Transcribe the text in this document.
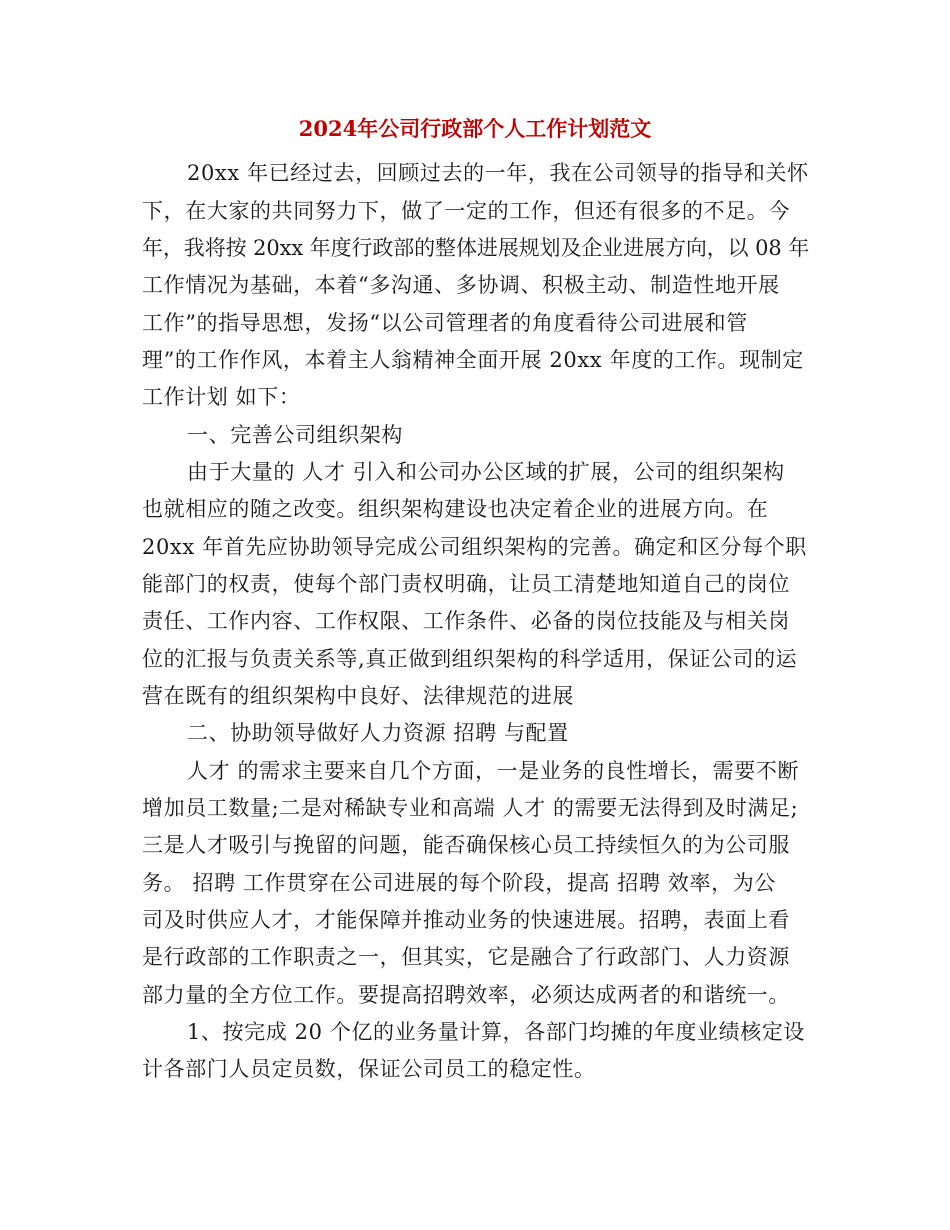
2024年公司行政部个人工作计划范文
20xx 年已经过去，回顾过去的一年，我在公司领导的指导和关怀
下，在大家的共同努力下，做了一定的工作，但还有很多的不足。今
年，我将按 20xx 年度行政部的整体进展规划及企业进展方向，以 08 年
工作情况为基础，本着“多沟通、多协调、积极主动、制造性地开展
工作”的指导思想，发扬“以公司管理者的角度看待公司进展和管
理”的工作作风，本着主人翁精神全面开展 20xx 年度的工作。现制定
工作计划 如下：
一、完善公司组织架构
由于大量的 人才 引入和公司办公区域的扩展，公司的组织架构
也就相应的随之改变。组织架构建设也决定着企业的进展方向。在
20xx 年首先应协助领导完成公司组织架构的完善。确定和区分每个职
能部门的权责，使每个部门责权明确，让员工清楚地知道自己的岗位
责任、工作内容、工作权限、工作条件、必备的岗位技能及与相关岗
位的汇报与负责关系等,真正做到组织架构的科学适用，保证公司的运
营在既有的组织架构中良好、法律规范的进展
二、协助领导做好人力资源 招聘 与配置
人才 的需求主要来自几个方面，一是业务的良性增长，需要不断
增加员工数量;二是对稀缺专业和高端 人才 的需要无法得到及时满足;
三是人才吸引与挽留的问题，能否确保核心员工持续恒久的为公司服
务。 招聘 工作贯穿在公司进展的每个阶段，提高 招聘 效率，为公
司及时供应人才，才能保障并推动业务的快速进展。招聘，表面上看
是行政部的工作职责之一，但其实，它是融合了行政部门、人力资源
部力量的全方位工作。要提高招聘效率，必须达成两者的和谐统一。
1、按完成 20 个亿的业务量计算，各部门均摊的年度业绩核定设
计各部门人员定员数，保证公司员工的稳定性。
